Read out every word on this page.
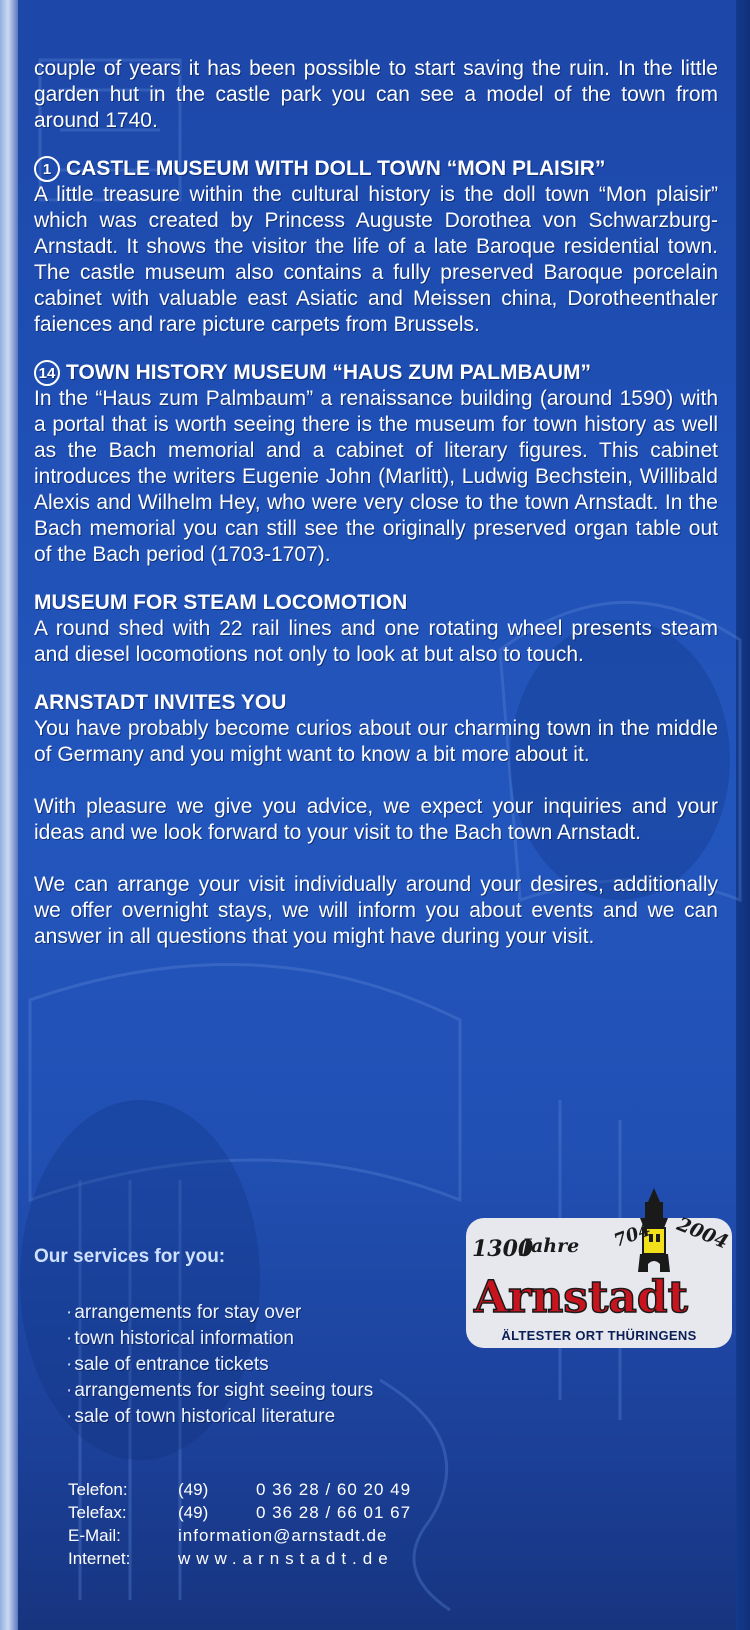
couple of years it has been possible to start saving the ruin. In the little garden hut in the castle park you can see a model of the town from around 1740.

1 CASTLE MUSEUM WITH DOLL TOWN “MON PLAISIR”

A little treasure within the cultural history is the doll town “Mon plaisir” which was created by Princess Auguste Dorothea von Schwarzburg-Arnstadt. It shows the visitor the life of a late Baroque residential town. The castle museum also contains a fully preserved Baroque porcelain cabinet with valuable east Asiatic and Meissen china, Dorotheenthaler faiences and rare picture carpets from Brussels.

14 TOWN HISTORY MUSEUM “HAUS ZUM PALMBAUM”

In the “Haus zum Palmbaum” a renaissance building (around 1590) with a portal that is worth seeing there is the museum for town history as well as the Bach memorial and a cabinet of literary figures. This cabinet introduces the writers Eugenie John (Marlitt), Ludwig Bechstein, Willibald Alexis and Wilhelm Hey, who were very close to the town Arnstadt. In the Bach memorial you can still see the originally preserved organ table out of the Bach period (1703-1707).

MUSEUM FOR STEAM LOCOMOTION

A round shed with 22 rail lines and one rotating wheel presents steam and diesel locomotions not only to look at but also to touch.

ARNSTADT INVITES YOU

You have probably become curios about our charming town in the middle of Germany and you might want to know a bit more about it.

With pleasure we give you advice, we expect your inquiries and your ideas and we look forward to your visit to the Bach town Arnstadt.

We can arrange your visit individually around your desires, additionally we offer overnight stays, we will inform you about events and we can answer in all questions that you might have during your visit.

Our services for you:
· arrangements for stay over
· town historical information
· sale of entrance tickets
· arrangements for sight seeing tours
· sale of town historical literature
1300
Jahre 704 2004
Arnstadt
ÄLTESTER ORT THÜRINGENS
Telefon:	(49)	0 36 28 / 60 20 49
Telefax:	(49)	0 36 28 / 66 01 67
E-Mail:	information@arnstadt.de	
Internet:	www.arnstadt.de	
